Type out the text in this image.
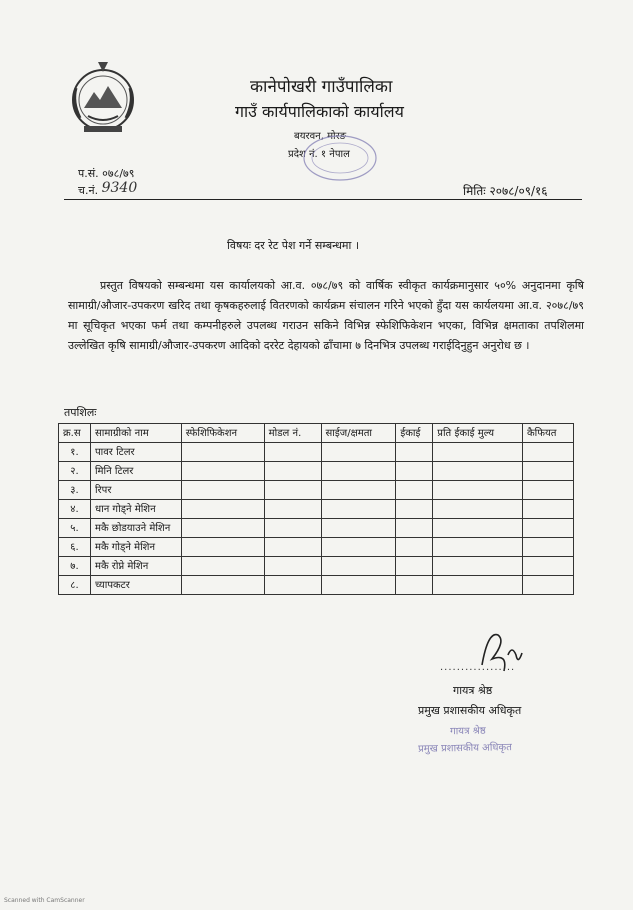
कानेपोखरी गाउँपालिका
गाउँ कार्यपालिकाको कार्यालय
बयरवन, मोरङ
प्रदेश नं. १ नेपाल
प.सं. ०७८/७९
च.नं. 9340	मितिः २०७८/०९/१६
विषयः दर रेट पेश गर्ने सम्बन्धमा ।
प्रस्तुत विषयको सम्बन्धमा यस कार्यालयको आ.व. ०७८/७९ को वार्षिक स्वीकृत कार्यक्रमानुसार ५०% अनुदानमा कृषि सामाग्री/औजार-उपकरण खरिद तथा कृषकहरुलाई वितरणको कार्यक्रम संचालन गरिने भएको हुँदा यस कार्यलयमा आ.व. २०७८/७९ मा सूचिकृत भएका फर्म तथा कम्पनीहरुले उपलब्ध गराउन सकिने विभिन्न स्फेशिफिकेशन भएका, विभिन्न क्षमताका तपशिलमा उल्लेखित कृषि सामाग्री/औजार-उपकरण आदिको दररेट देहायको ढाँचामा ७ दिनभित्र उपलब्ध गराईदिनुहुन अनुरोध छ ।
तपशिलः
क्र.स	सामाग्रीको नाम	स्फेशिफिकेशन	मोडल नं.	साईज/क्षमता	ईकाई	प्रति ईकाई मुल्य	कैफियत
१.	पावर टिलर						
२.	मिनि टिलर						
३.	रिपर						
४.	धान गोड्ने मेशिन						
५.	मकै छोडयाउने मेशिन						
६.	मकै गोड्ने मेशिन						
७.	मकै रोप्ने मेशिन						
८.	च्यापकटर						
..................
गायत्र श्रेष्ठ
प्रमुख प्रशासकीय अधिकृत
गायत्र श्रेष्ठ
प्रमुख प्रशासकीय अधिकृत
Scanned with CamScanner
